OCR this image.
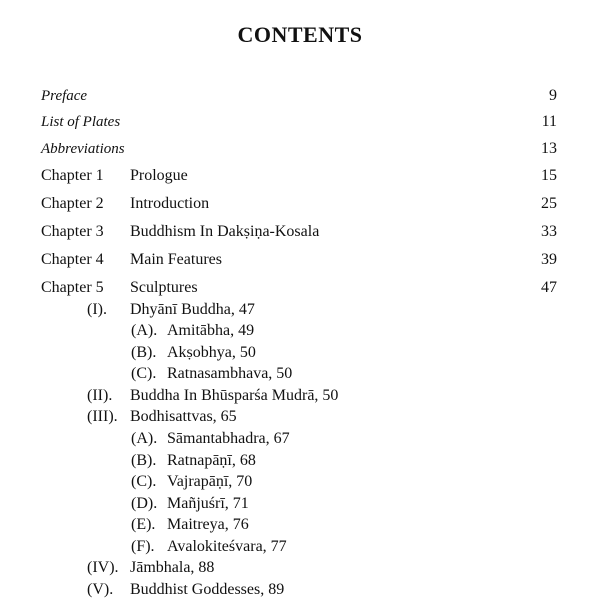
CONTENTS
Preface	9
List of Plates	11
Abbreviations	13
Chapter 1 Prologue	15
Chapter 2 Introduction	25
Chapter 3 Buddhism In Dakṣiṇa-Kosala	33
Chapter 4 Main Features	39
Chapter 5 Sculptures	47
(I). Dhyānī Buddha, 47
(A). Amitābha, 49
(B). Akṣobhya, 50
(C). Ratnasambhava, 50
(II). Buddha In Bhūsparśa Mudrā, 50
(III). Bodhisattvas, 65
(A). Sāmantabhadra, 67
(B). Ratnapāṇī, 68
(C). Vajrapāṇī, 70
(D). Mañjuśrī, 71
(E). Maitreya, 76
(F). Avalokiteśvara, 77
(IV). Jāmbhala, 88
(V). Buddhist Goddesses, 89
